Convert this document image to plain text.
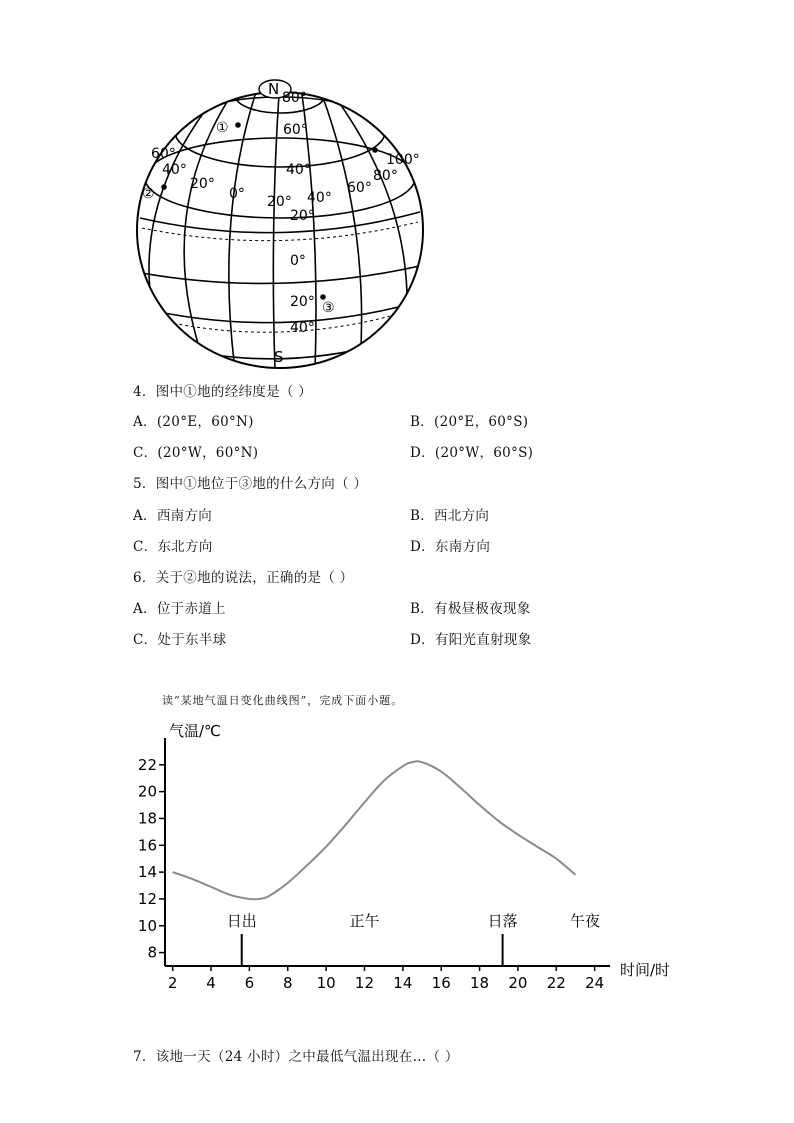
N
S
80°
60°
60°
40°
20°
0° 20°
40°
40°
60°
80°
100°
20°
0°
20°
40°
①
②
③
4．图中①地的经纬度是（ ）
A．(20°E，60°N)	B．(20°E，60°S)
C．(20°W，60°N)	D．(20°W，60°S)
5．图中①地位于③地的什么方向（ ）
A．西南方向	B．西北方向
C．东北方向	D．东南方向
6．关于②地的说法，正确的是（ ）
A．位于赤道上	B．有极昼极夜现象
C．处于东半球	D．有阳光直射现象
读“某地气温日变化曲线图”，完成下面小题。
气温/℃
时间/时
8
10
12
14
16
18
20
22
2 4 6 8 10 12 14 16 18 20 22 24
日出	正午	日落	午夜
7．该地一天（24 小时）之中最低气温出现在…（ ）
